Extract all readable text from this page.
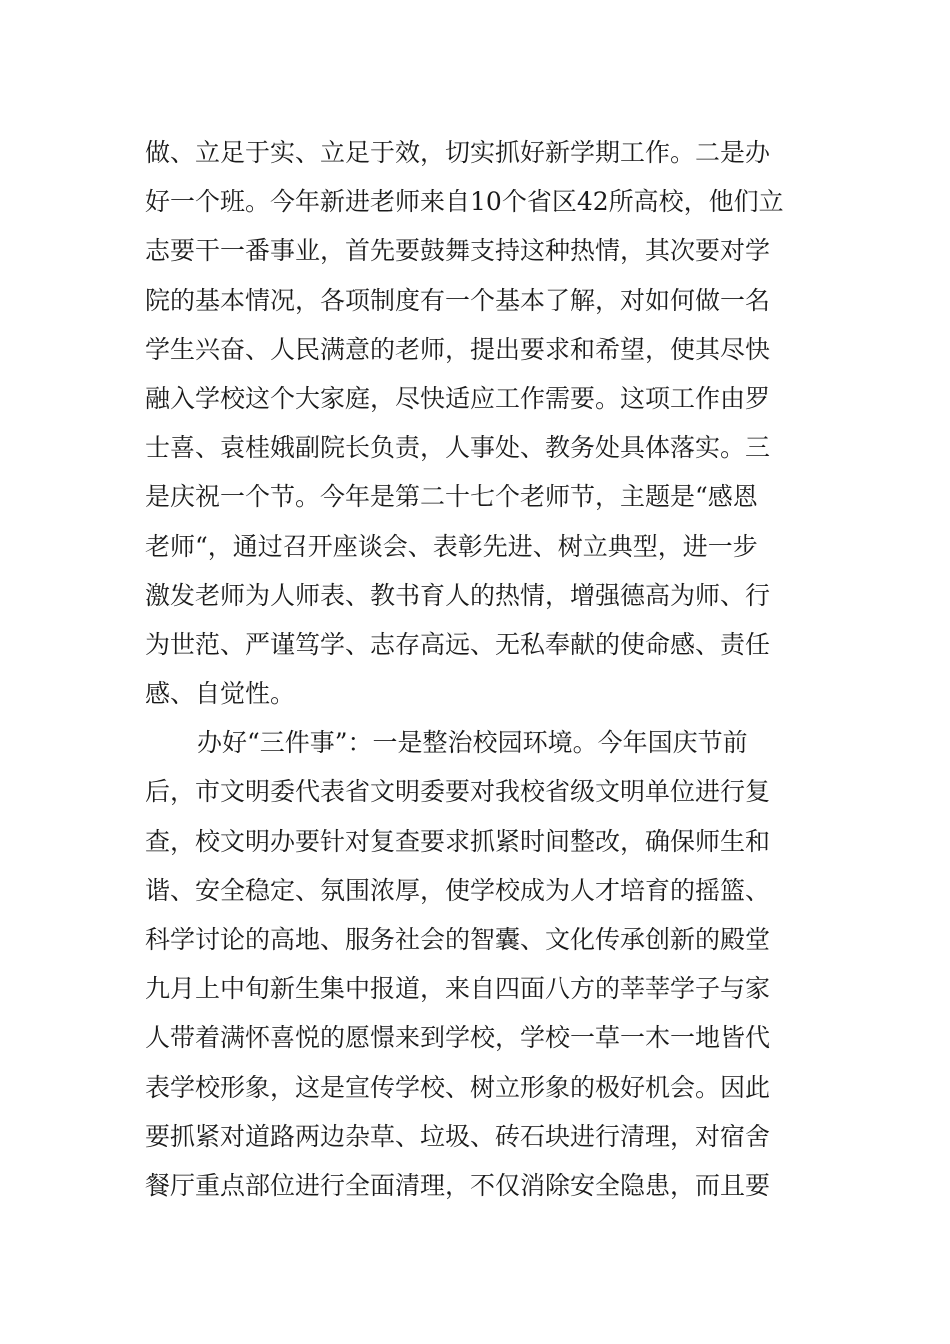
做、立足于实、立足于效，切实抓好新学期工作。二是办
好一个班。今年新进老师来自10个省区42所高校，他们立
志要干一番事业，首先要鼓舞支持这种热情，其次要对学
院的基本情况，各项制度有一个基本了解，对如何做一名
学生兴奋、人民满意的老师，提出要求和希望，使其尽快
融入学校这个大家庭，尽快适应工作需要。这项工作由罗
士喜、袁桂娥副院长负责，人事处、教务处具体落实。三
是庆祝一个节。今年是第二十七个老师节，主题是“感恩
老师“，通过召开座谈会、表彰先进、树立典型，进一步
激发老师为人师表、教书育人的热情，增强德高为师、行
为世范、严谨笃学、志存高远、无私奉献的使命感、责任
感、自觉性。
办好“三件事”：一是整治校园环境。今年国庆节前
后，市文明委代表省文明委要对我校省级文明单位进行复
查，校文明办要针对复查要求抓紧时间整改，确保师生和
谐、安全稳定、氛围浓厚，使学校成为人才培育的摇篮、
科学讨论的高地、服务社会的智囊、文化传承创新的殿堂
九月上中旬新生集中报道，来自四面八方的莘莘学子与家
人带着满怀喜悦的愿憬来到学校，学校一草一木一地皆代
表学校形象，这是宣传学校、树立形象的极好机会。因此
要抓紧对道路两边杂草、垃圾、砖石块进行清理，对宿舍
餐厅重点部位进行全面清理，不仅消除安全隐患，而且要
